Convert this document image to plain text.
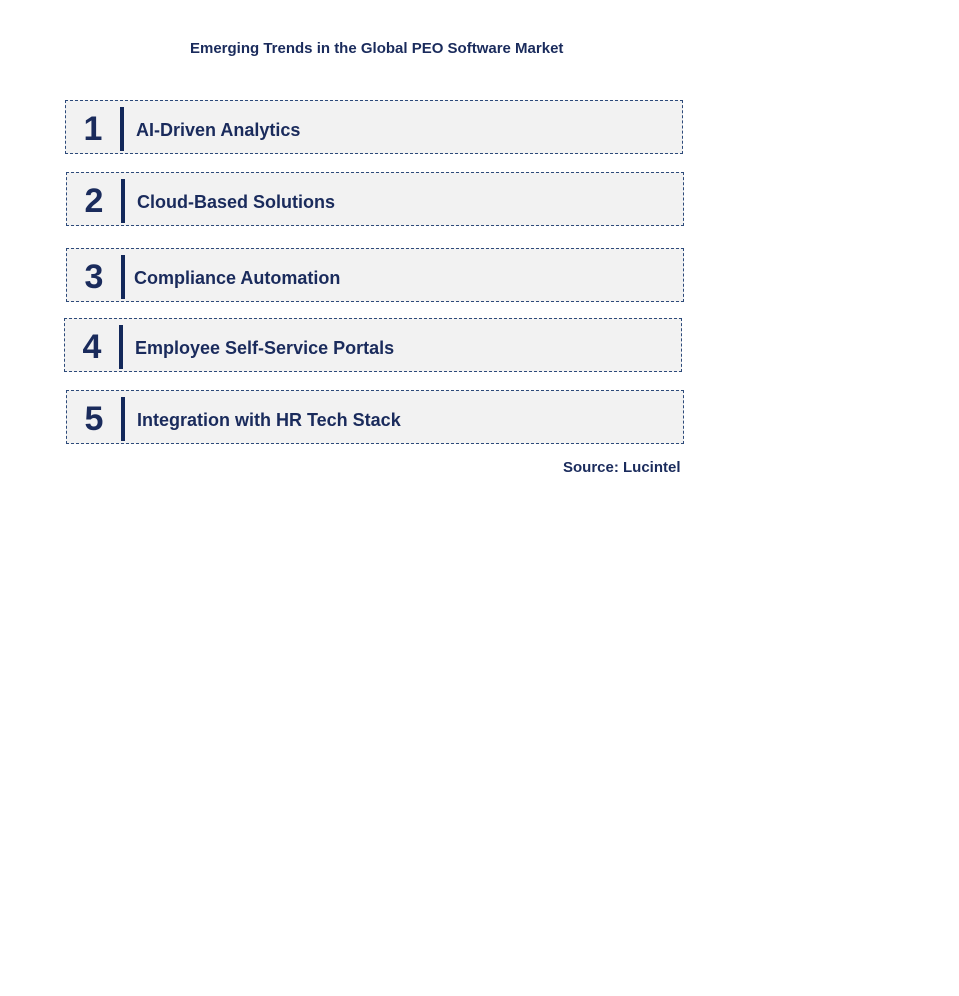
Emerging Trends in the Global PEO Software Market
1	AI-Driven Analytics
2	Cloud-Based Solutions
3	Compliance Automation
4	Employee Self-Service Portals
5	Integration with HR Tech Stack
Source: Lucintel
